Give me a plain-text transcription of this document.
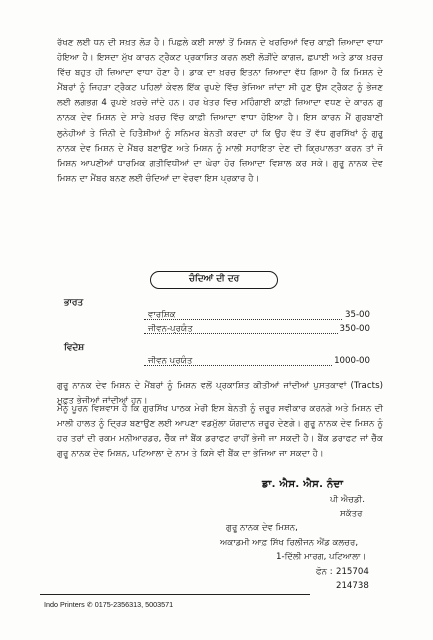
ਰੱਖਣ ਲਈ ਧਨ ਦੀ ਸਖ਼ਤ ਲੋੜ ਹੈ। ਪਿਛਲੇ ਕਈ ਸਾਲਾਂ ਤੋਂ ਮਿਸ਼ਨ ਦੇ ਖਰਚਿਆਂ ਵਿਚ ਕਾਫ਼ੀ ਜ਼ਿਆਦਾ ਵਾਧਾ ਹੋਇਆ ਹੈ। ਇਸਦਾ ਮੁੱਖ ਕਾਰਨ ਟ੍ਰੈਕਟ ਪ੍ਰਕਾਸ਼ਿਤ ਕਰਨ ਲਈ ਲੋੜੀਂਦੇ ਕਾਗਜ਼, ਛਪਾਈ ਅਤੇ ਡਾਕ ਖ਼ਰਚ ਵਿੱਚ ਬਹੁਤ ਹੀ ਜ਼ਿਆਦਾ ਵਾਧਾ ਹੋਣਾ ਹੈ। ਡਾਕ ਦਾ ਖ਼ਰਚ ਇਤਨਾ ਜ਼ਿਆਦਾ ਵੱਧ ਗਿਆ ਹੈ ਕਿ ਮਿਸ਼ਨ ਦੇ ਮੈਂਬਰਾਂ ਨੂੰ ਜਿਹੜਾ ਟ੍ਰੈਕਟ ਪਹਿਲਾਂ ਕੇਵਲ ਇੱਕ ਰੁਪਏ ਵਿੱਚ ਭੇਜਿਆ ਜਾਂਦਾ ਸੀ ਹੁਣ ਉਸ ਟ੍ਰੈਕਟ ਨੂੰ ਭੇਜਣ ਲਈ ਲਗਭਗ 4 ਰੁਪਏ ਖ਼ਰਚੇ ਜਾਂਦੇ ਹਨ। ਹਰ ਖੇਤਰ ਵਿਚ ਮਹਿੰਗਾਈ ਕਾਫ਼ੀ ਜ਼ਿਆਦਾ ਵਧਣ ਦੇ ਕਾਰਨ ਗੁ ਨਾਨਕ ਦੇਵ ਮਿਸ਼ਨ ਦੇ ਸਾਰੇ ਖ਼ਰਚ ਵਿੱਚ ਕਾਫ਼ੀ ਜ਼ਿਆਦਾ ਵਾਧਾ ਹੋਇਆ ਹੈ। ਇਸ ਕਾਰਨ ਮੈਂ ਗੁਰਬਾਣੀ ਲੁਨੇਹੀਆਂ ਤੇ ਜਿੰਨੀ ਦੇ ਹਿਤੈਸ਼ੀਆਂ ਨੂੰ ਸਨਿਮਰ ਬੇਨਤੀ ਕਰਦਾ ਹਾਂ ਕਿ ਉਹ ਵੱਧ ਤੋਂ ਵੱਧ ਗੁਰਸਿੱਖਾਂ ਨੂੰ ਗੁਰੂ ਨਾਨਕ ਦੇਵ ਮਿਸ਼ਨ ਦੇ ਮੈਂਬਰ ਬਣਾਉਣ ਅਤੇ ਮਿਸ਼ਨ ਨੂੰ ਮਾਲੀ ਸਹਾਇਤਾ ਦੇਣ ਦੀ ਕ੍ਰਿਪਾਲਤਾ ਕਰਨ ਤਾਂ ਜੋ ਮਿਸ਼ਨ ਆਪਣੀਆਂ ਧਾਰਮਿਕ ਗਤੀਵਿਧੀਆਂ ਦਾ ਘੇਰਾ ਹੋਰ ਜ਼ਿਆਦਾ ਵਿਸ਼ਾਲ ਕਰ ਸਕੇ। ਗੁਰੂ ਨਾਨਕ ਦੇਵ ਮਿਸ਼ਨ ਦਾ ਮੈਂਬਰ ਬਨਣ ਲਈ ਚੰਦਿਆਂ ਦਾ ਵੇਰਵਾ ਇਸ ਪ੍ਰਕਾਰ ਹੈ।

ਚੰਦਿਆਂ ਦੀ ਦਰ
ਭਾਰਤ
ਵਾਰਸ਼ਿਕ	35-00
ਜੀਵਨ-ਪ੍ਰਯੰਤ	350-00
ਵਿਦੇਸ਼
ਜੀਵਨ ਪ੍ਰਯੰਤ	1000-00

ਗੁਰੂ ਨਾਨਕ ਦੇਵ ਮਿਸ਼ਨ ਦੇ ਮੈਂਬਰਾਂ ਨੂੰ ਮਿਸ਼ਨ ਵਲੋਂ ਪ੍ਰਕਾਸ਼ਿਤ ਕੀਤੀਆਂ ਜਾਂਦੀਆਂ ਪੁਸਤਕਾਵਾਂ (Tracts) ਮੁਫ਼ਤ ਭੇਜੀਆਂ ਜਾਂਦੀਆਂ ਹਨ।

ਮੈਨੂੰ ਪੂਰਨ ਵਿਸ਼ਵਾਸ ਹੈ ਕਿ ਗੁਰਸਿੱਖ ਪਾਠਕ ਮੇਰੀ ਇਸ ਬੇਨਤੀ ਨੂੰ ਜ਼ਰੂਰ ਸਵੀਕਾਰ ਕਰਨਗੇ ਅਤੇ ਮਿਸ਼ਨ ਦੀ ਮਾਲੀ ਹਾਲਤ ਨੂੰ ਦ੍ਰਿੜ ਬਣਾਉਣ ਲਈ ਆਪਣਾ ਵਡਮੁੱਲਾ ਯੋਗਦਾਨ ਜ਼ਰੂਰ ਦੇਣਗੇ। ਗੁਰੂ ਨਾਨਕ ਦੇਵ ਮਿਸ਼ਨ ਨੂੰ ਹਰ ਤਰਾਂ ਦੀ ਰਕਮ ਮਨੀਆਰਡਰ, ਚੈੱਕ ਜਾਂ ਬੈਂਕ ਡਰਾਫਟ ਰਾਹੀਂ ਭੇਜੀ ਜਾ ਸਕਦੀ ਹੈ। ਬੈਂਕ ਡਰਾਫਟ ਜਾਂ ਚੈੱਕ ਗੁਰੂ ਨਾਨਕ ਦੇਵ ਮਿਸ਼ਨ, ਪਟਿਆਲਾ ਦੇ ਨਾਮ ਤੇ ਕਿਸੇ ਵੀ ਬੈਂਕ ਦਾ ਭੇਜਿਆ ਜਾ ਸਕਦਾ ਹੈ।

ਡਾ. ਐਸ. ਐਸ. ਨੰਦਾ
ਪੀ ਐਚਡੀ.
ਸਕੱਤਰ
ਗੁਰੂ ਨਾਨਕ ਦੇਵ ਮਿਸ਼ਨ,
ਅਕਾਡਮੀ ਆਫ਼ ਸਿੱਖ ਰਿਲੀਜਨ ਐਂਡ ਕਲਚਰ,
1-ਦਿੱਲੀ ਮਾਰਗ, ਪਟਿਆਲਾ।
ਫੋਨ : 215704
214738
Indo Printers ✆ 0175-2356313, 5003571
